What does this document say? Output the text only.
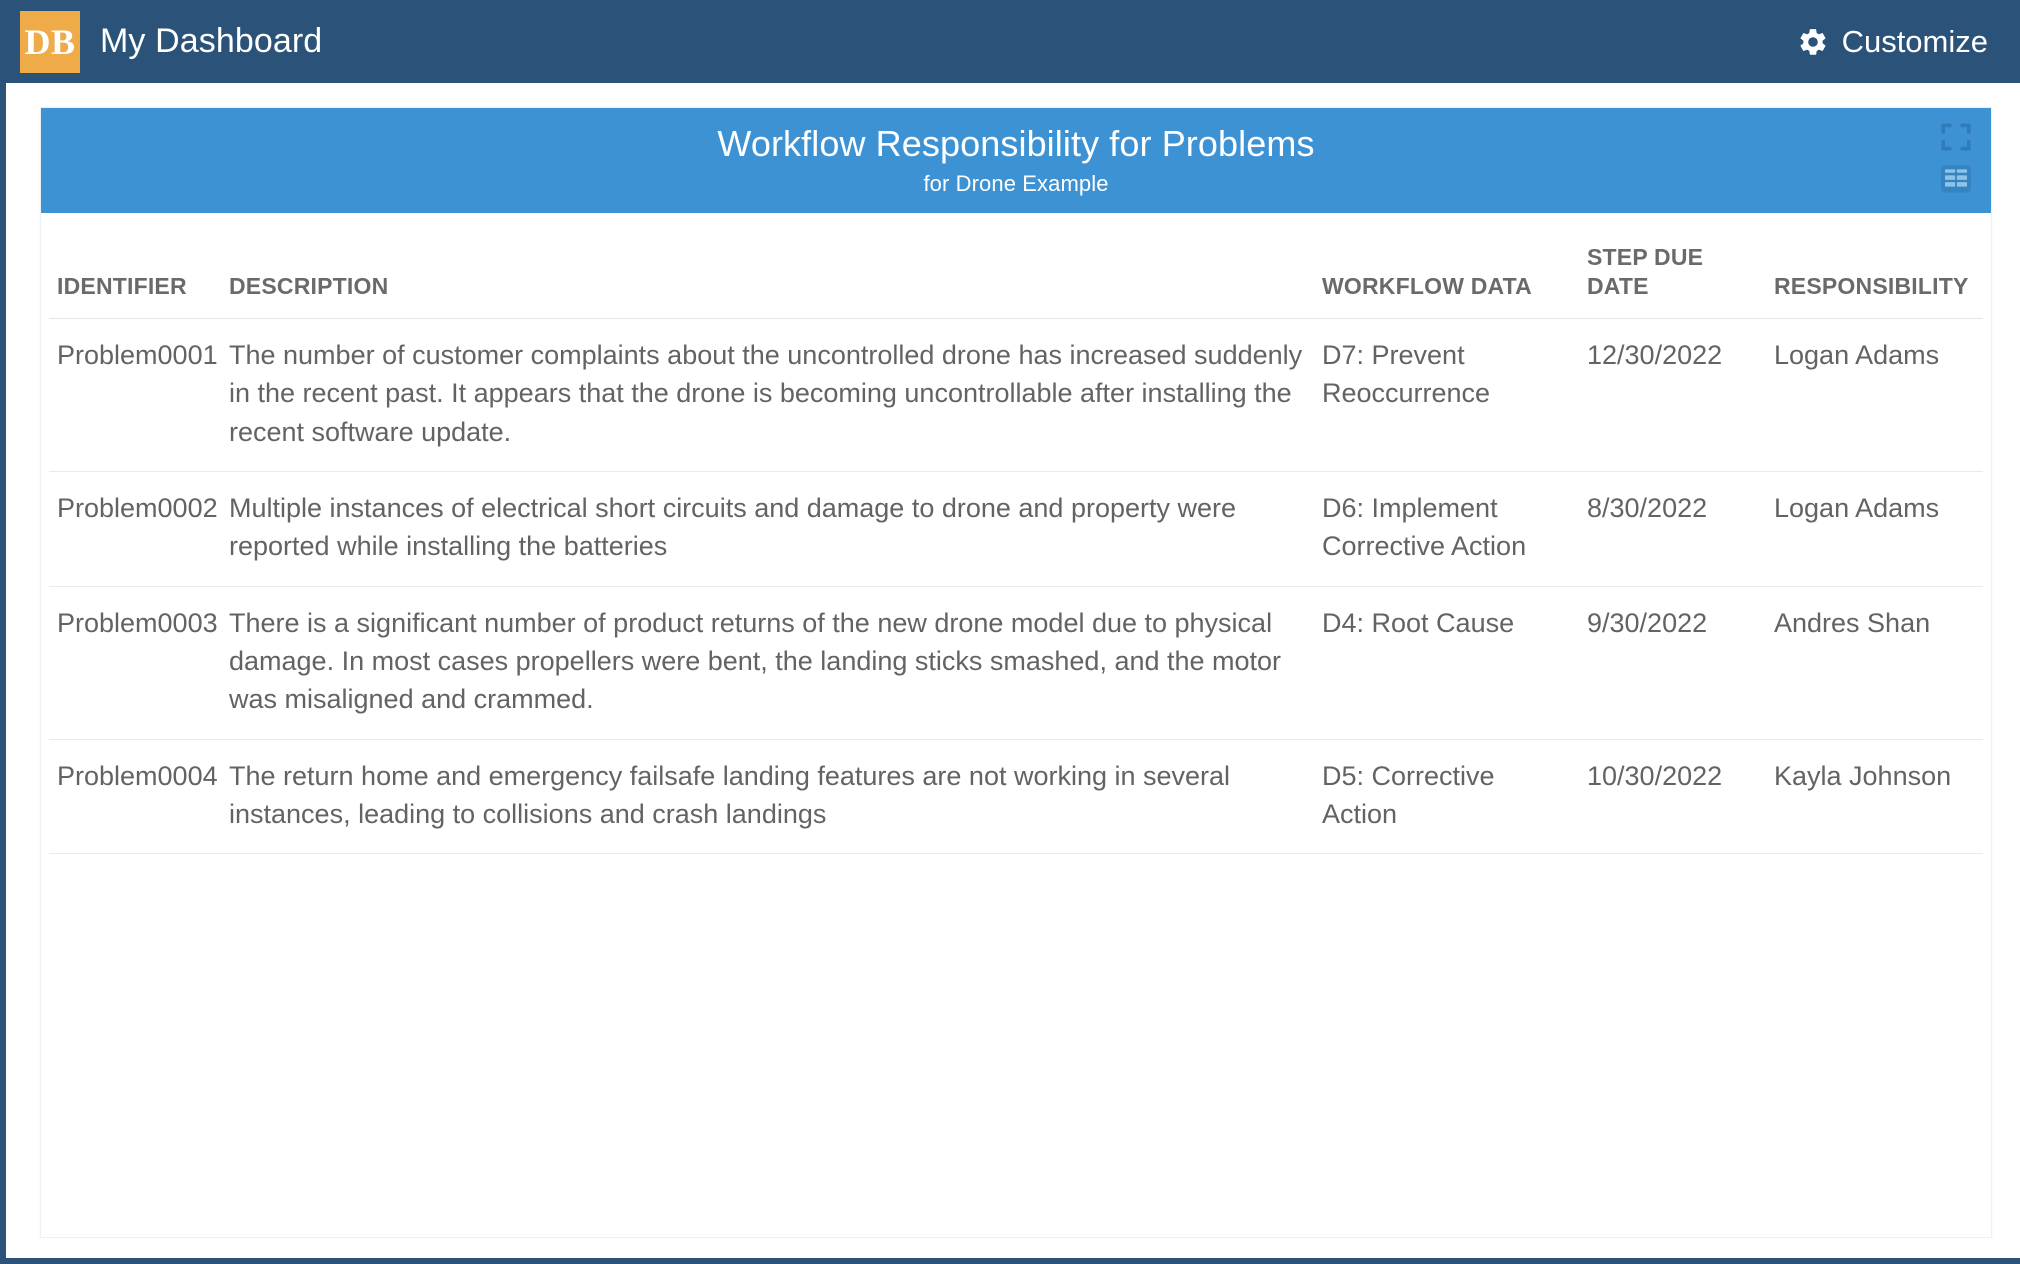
DB My Dashboard	Customize
Workflow Responsibility for Problems
for Drone Example
IDENTIFIER	DESCRIPTION	WORKFLOW DATA	STEP DUE DATE	RESPONSIBILITY
Problem0001	The number of customer complaints about the uncontrolled drone has increased suddenly in the recent past. It appears that the drone is becoming uncontrollable after installing the recent software update.	D7: Prevent Reoccurrence	12/30/2022	Logan Adams
Problem0002	Multiple instances of electrical short circuits and damage to drone and property were reported while installing the batteries	D6: Implement Corrective Action	8/30/2022	Logan Adams
Problem0003	There is a significant number of product returns of the new drone model due to physical damage. In most cases propellers were bent, the landing sticks smashed, and the motor was misaligned and crammed.	D4: Root Cause	9/30/2022	Andres Shan
Problem0004	The return home and emergency failsafe landing features are not working in several instances, leading to collisions and crash landings	D5: Corrective Action	10/30/2022	Kayla Johnson
